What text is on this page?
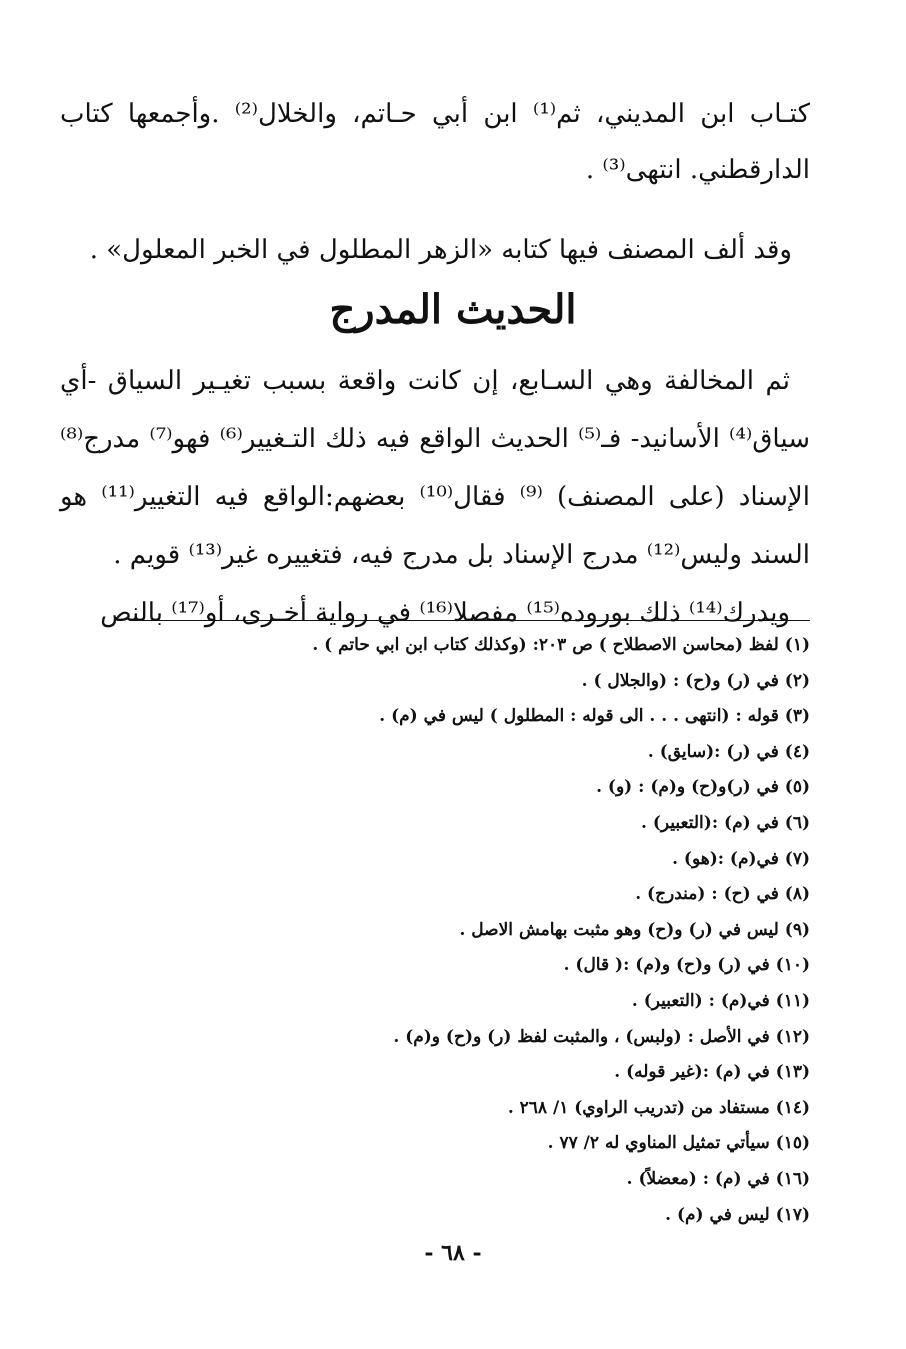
كتـاب ابن المديني، ثم⁽¹⁾ ابن أبي حـاتم، والخلال⁽²⁾ .وأجمعها كتاب الدارقطني. انتهى⁽³⁾ .

وقد ألف المصنف فيها كتابه «الزهر المطلول في الخبر المعلول» .

الحديث المدرج

ثم المخالفة وهي السـابع، إن كانت واقعة بسبب تغيـير السياق -أي سياق⁽⁴⁾ الأسانيد- فـ⁽⁵⁾ الحديث الواقع فيه ذلك التـغيير⁽⁶⁾ فهو⁽⁷⁾ مدرج⁽⁸⁾ الإسناد (على المصنف) ⁽⁹⁾ فقال⁽¹⁰⁾ بعضهم:الواقع فيه التغيير⁽¹¹⁾ هو السند وليس⁽¹²⁾ مدرج الإسناد بل مدرج فيه، فتغييره غير⁽¹³⁾ قويم .

ويدرك⁽¹⁴⁾ ذلك بوروده⁽¹⁵⁾ مفصلا⁽¹⁶⁾ في رواية أخـرى، أو⁽¹⁷⁾ بالنص

(١) لفظ (محاسن الاصطلاح ) ص ٢٠٣: (وكذلك كتاب ابن ابي حاتم ) .

(٢) في (ر) و(ح) : (والجلال ) .

(٣) قوله : (انتهى . . . الى قوله : المطلول ) ليس في (م) .

(٤) في (ر) :(سايق) .

(٥) في (ر)و(ح) و(م) : (و) .

(٦) في (م) :(التعبير) .

(٧) في(م) :(هو) .

(٨) في (ح) : (مندرج) .

(٩) ليس في (ر) و(ح) وهو مثبت بهامش الاصل .

(١٠) في (ر) و(ح) و(م) :( قال) .

(١١) في(م) : (التعبير) .

(١٢) في الأصل : (ولبس) ، والمثبت لفظ (ر) و(ح) و(م) .

(١٣) في (م) :(غير قوله) .

(١٤) مستفاد من (تدريب الراوي) ١/ ٢٦٨ .

(١٥) سيأتي تمثيل المناوي له ٢/ ٧٧ .

(١٦) في (م) : (معضلاً) .

(١٧) ليس في (م) .

- ٦٨ -
